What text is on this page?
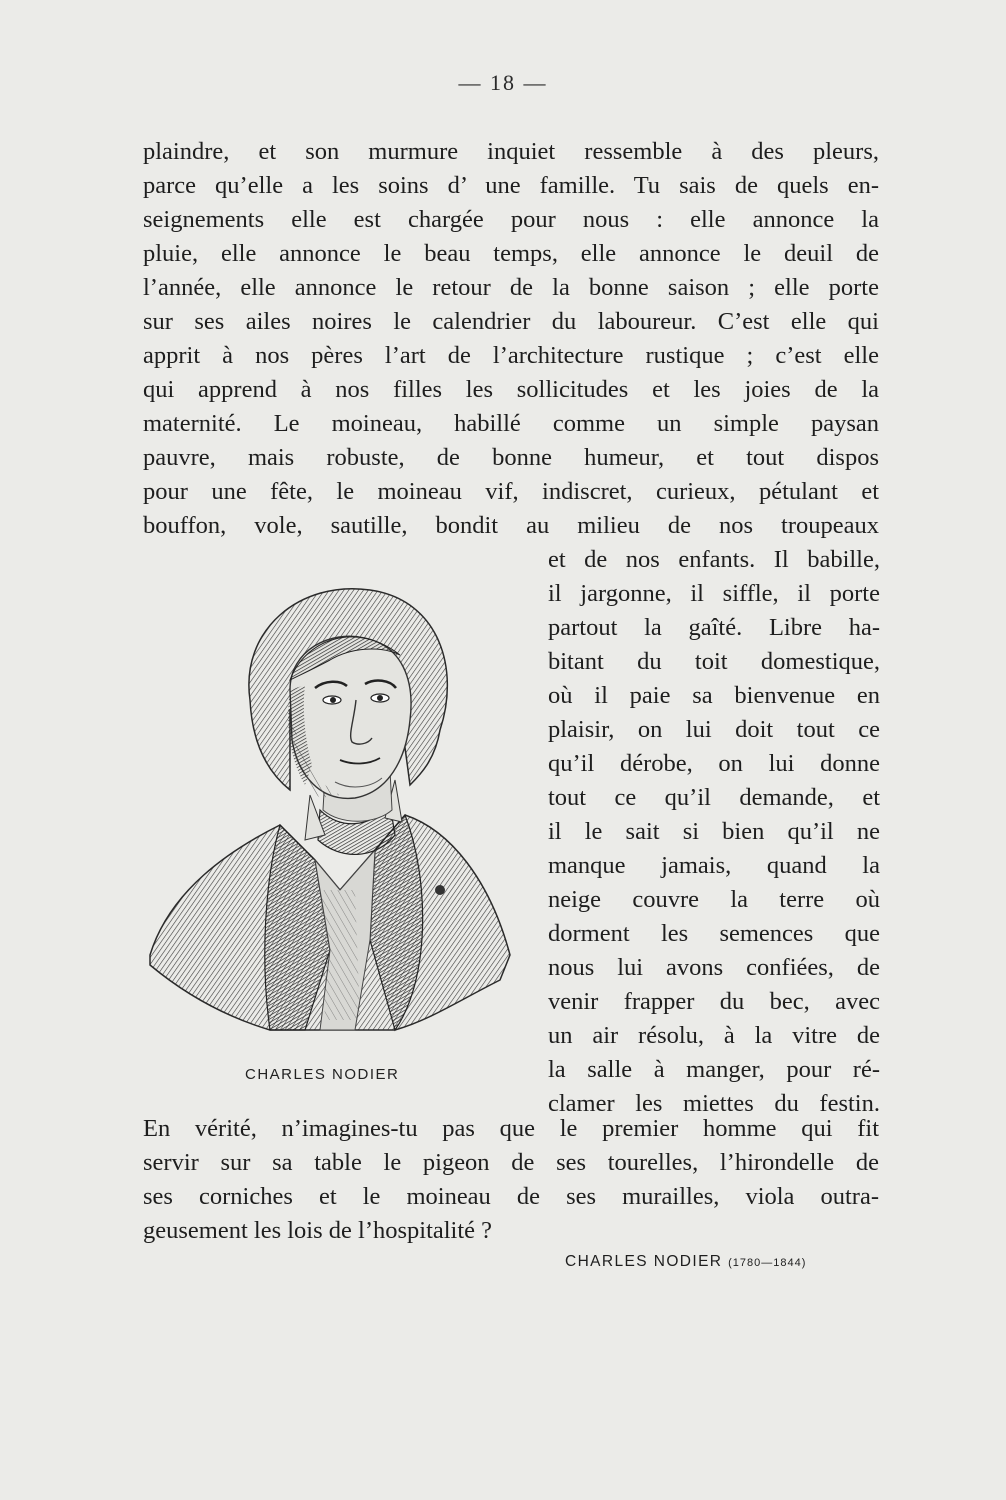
— 18 —
plaindre, et son murmure inquiet ressemble à des pleurs,
parce qu’elle a les soins d’ une famille. Tu sais de quels en-
seignements elle est chargée pour nous : elle annonce la
pluie, elle annonce le beau temps, elle annonce le deuil de
l’année, elle annonce le retour de la bonne saison ; elle porte
sur ses ailes noires le calendrier du laboureur. C’est elle qui
apprit à nos pères l’art de l’architecture rustique ; c’est elle
qui apprend à nos filles les sollicitudes et les joies de la
maternité. Le moineau, habillé comme un simple paysan
pauvre, mais robuste, de bonne humeur, et tout dispos
pour une fête, le moineau vif, indiscret, curieux, pétulant et
bouffon, vole, sautille, bondit au milieu de nos troupeaux
et de nos enfants. Il babille,
il jargonne, il siffle, il porte
partout la gaîté. Libre ha-
bitant du toit domestique,
où il paie sa bienvenue en
plaisir, on lui doit tout ce
qu’il dérobe, on lui donne
tout ce qu’il demande, et
il le sait si bien qu’il ne
manque jamais, quand la
neige couvre la terre où
dorment les semences que
nous lui avons confiées, de
venir frapper du bec, avec
un air résolu, à la vitre de
la salle à manger, pour ré-
clamer les miettes du festin.
CHARLES NODIER
En vérité, n’imagines-tu pas que le premier homme qui fit
servir sur sa table le pigeon de ses tourelles, l’hirondelle de
ses corniches et le moineau de ses murailles, viola outra-
geusement les lois de l’hospitalité ?
CHARLES NODIER (1780—1844)
